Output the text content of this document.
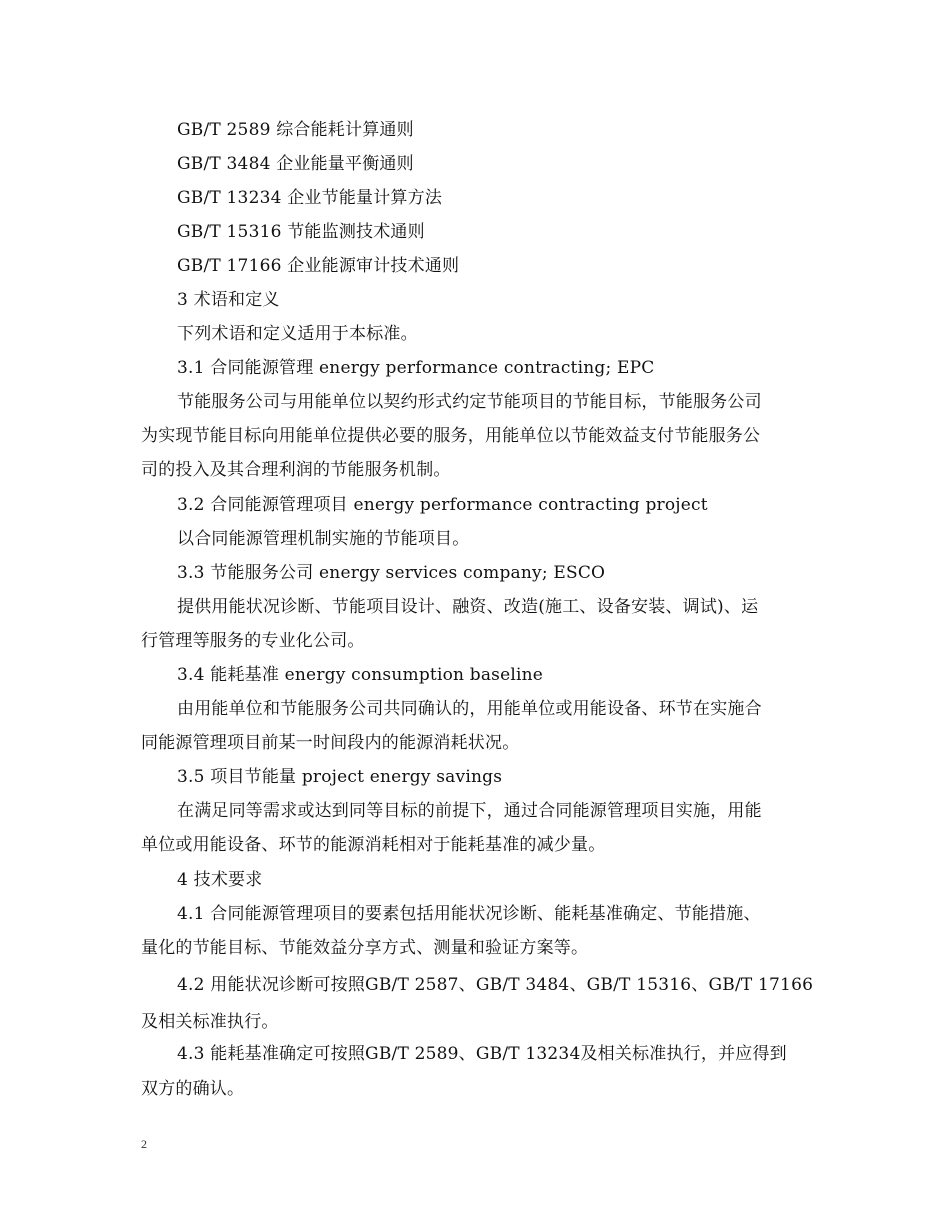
GB/T 2589 综合能耗计算通则
GB/T 3484 企业能量平衡通则
GB/T 13234 企业节能量计算方法
GB/T 15316 节能监测技术通则
GB/T 17166 企业能源审计技术通则
3 术语和定义
下列术语和定义适用于本标准。
3.1 合同能源管理 energy performance contracting; EPC
节能服务公司与用能单位以契约形式约定节能项目的节能目标，节能服务公司
为实现节能目标向用能单位提供必要的服务，用能单位以节能效益支付节能服务公
司的投入及其合理利润的节能服务机制。
3.2 合同能源管理项目 energy performance contracting project
以合同能源管理机制实施的节能项目。
3.3 节能服务公司 energy services company; ESCO
提供用能状况诊断、节能项目设计、融资、改造(施工、设备安装、调试)、运
行管理等服务的专业化公司。
3.4 能耗基准 energy consumption baseline
由用能单位和节能服务公司共同确认的，用能单位或用能设备、环节在实施合
同能源管理项目前某一时间段内的能源消耗状况。
3.5 项目节能量 project energy savings
在满足同等需求或达到同等目标的前提下，通过合同能源管理项目实施，用能
单位或用能设备、环节的能源消耗相对于能耗基准的减少量。
4 技术要求
4.1 合同能源管理项目的要素包括用能状况诊断、能耗基准确定、节能措施、
量化的节能目标、节能效益分享方式、测量和验证方案等。
4.2 用能状况诊断可按照GB/T 2587、GB/T 3484、GB/T 15316、GB/T 17166
及相关标准执行。
4.3 能耗基准确定可按照GB/T 2589、GB/T 13234及相关标准执行，并应得到
双方的确认。
2
